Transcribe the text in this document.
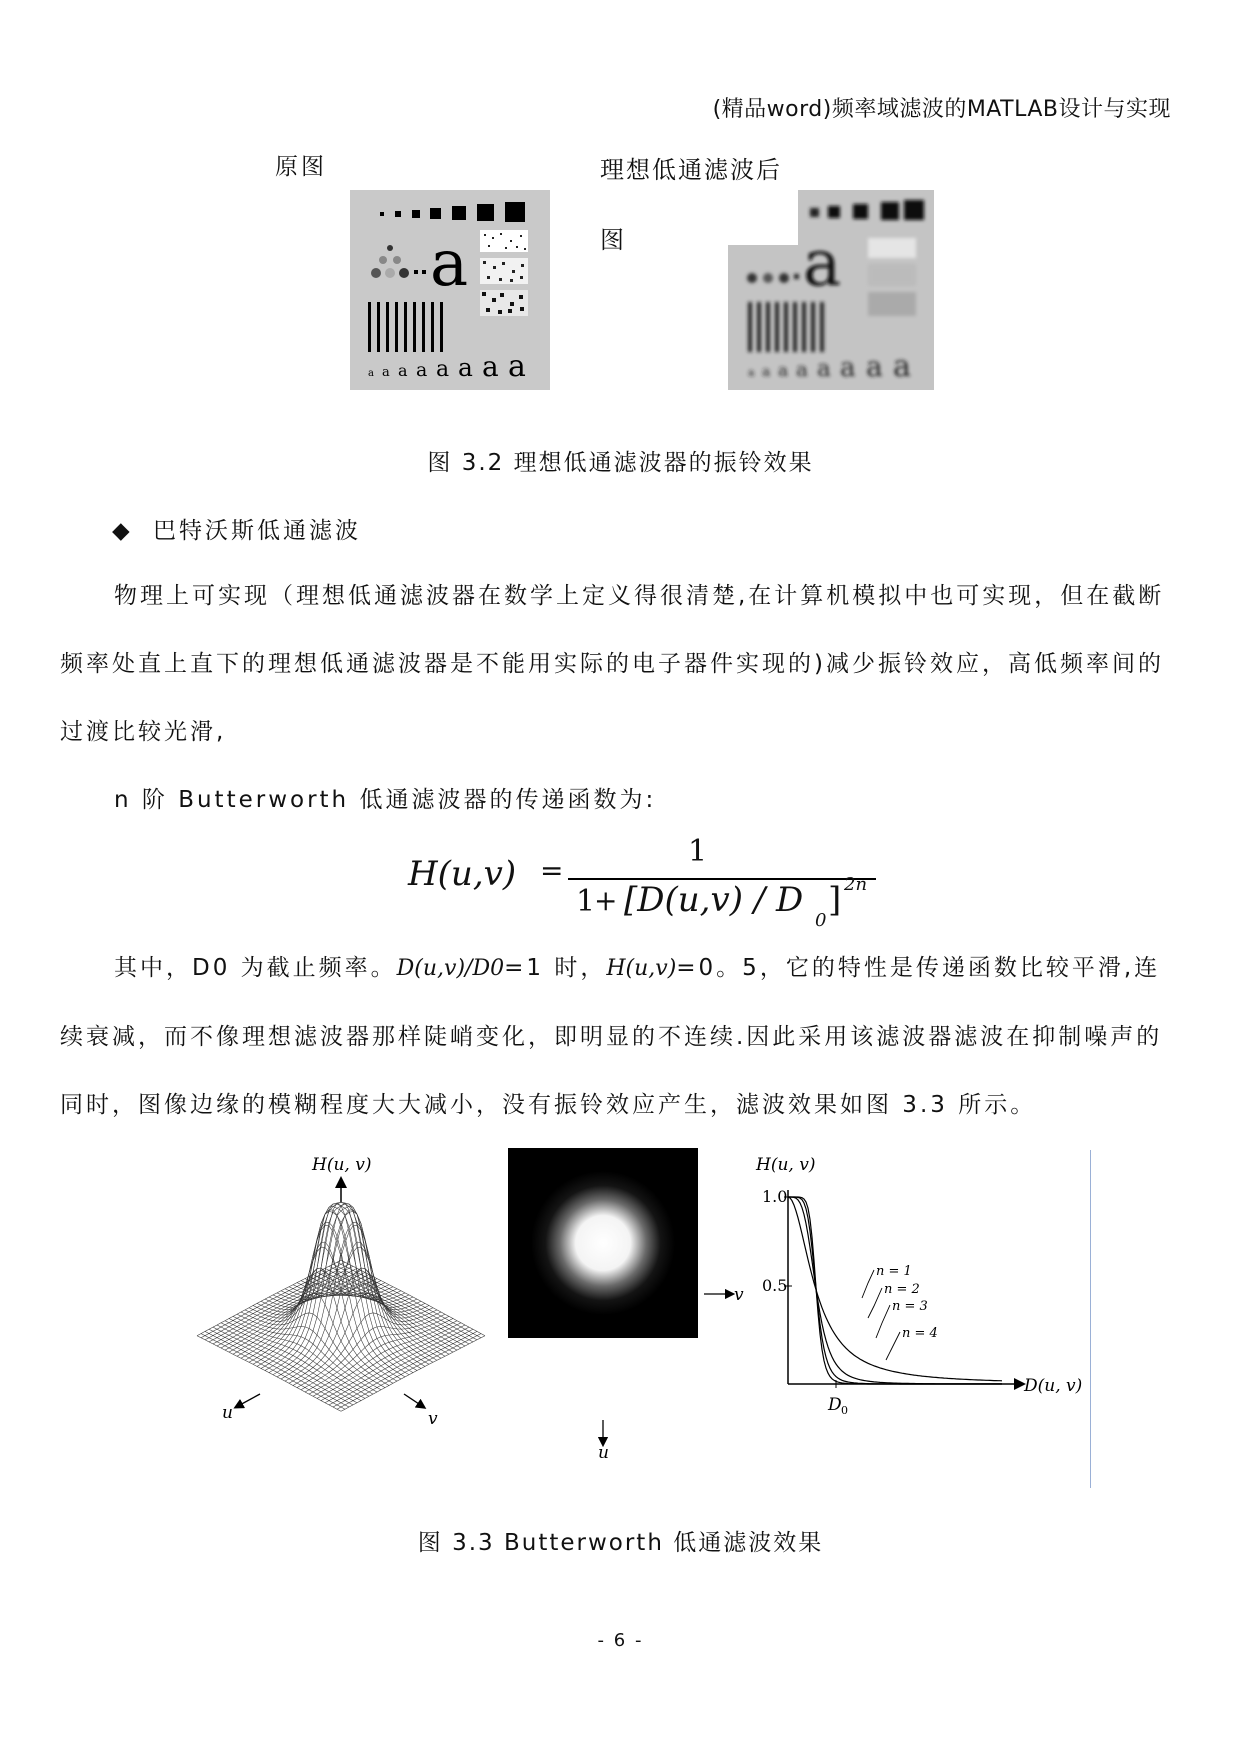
(精品word)频率域滤波的MATLAB设计与实现
原图	理想低通滤波后
图
a
a a a a a a a a
a
a a a a a a a a
图 3.2 理想低通滤波器的振铃效果
◆ 巴特沃斯低通滤波
物理上可实现（理想低通滤波器在数学上定义得很清楚,在计算机模拟中也可实现，但在截断频率处直上直下的理想低通滤波器是不能用实际的电子器件实现的)减少振铃效应，高低频率间的过渡比较光滑,
n 阶 Butterworth 低通滤波器的传递函数为:
H(u,v) =
1
1
+ [D(u,v) / D
0
] 2n
其中，D0 为截止频率。D(u,v)/D0=1 时，H(u,v)=0。5，它的特性是传递函数比较平滑,连续衰减，而不像理想滤波器那样陡峭变化，即明显的不连续.因此采用该滤波器滤波在抑制噪声的同时，图像边缘的模糊程度大大减小，没有振铃效应产生，滤波效果如图 3.3 所示。
H(u, v)
u	v
v
u
H(u, v)
1.0
0.5
D 0
D(u, v)
n = 1
n = 2
n = 3
n = 4
图 3.3 Butterworth 低通滤波效果
- 6 -
